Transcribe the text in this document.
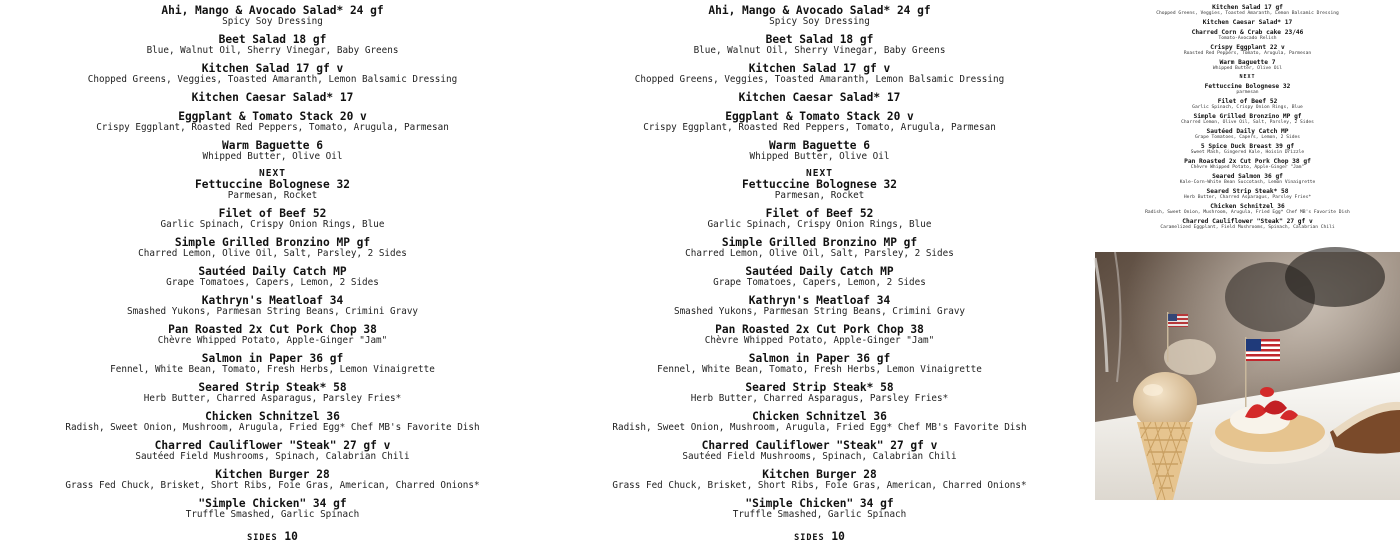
Ahi, Mango & Avocado Salad* 24 gf
Spicy Soy Dressing
Beet Salad 18 gf
Blue, Walnut Oil, Sherry Vinegar, Baby Greens
Kitchen Salad 17 gf v
Chopped Greens, Veggies, Toasted Amaranth, Lemon Balsamic Dressing
Kitchen Caesar Salad* 17
Eggplant & Tomato Stack 20 v
Crispy Eggplant, Roasted Red Peppers, Tomato, Arugula, Parmesan
Warm Baguette 6
Whipped Butter, Olive Oil
NEXT
Fettuccine Bolognese 32
Parmesan, Rocket
Filet of Beef 52
Garlic Spinach, Crispy Onion Rings, Blue
Simple Grilled Bronzino MP gf
Charred Lemon, Olive Oil, Salt, Parsley, 2 Sides
Sautéed Daily Catch MP
Grape Tomatoes, Capers, Lemon, 2 Sides
Kathryn's Meatloaf 34
Smashed Yukons, Parmesan String Beans, Crimini Gravy
Pan Roasted 2x Cut Pork Chop 38
Chèvre Whipped Potato, Apple-Ginger "Jam"
Salmon in Paper 36 gf
Fennel, White Bean, Tomato, Fresh Herbs, Lemon Vinaigrette
Seared Strip Steak* 58
Herb Butter, Charred Asparagus, Parsley Fries*
Chicken Schnitzel 36
Radish, Sweet Onion, Mushroom, Arugula, Fried Egg* Chef MB's Favorite Dish
Charred Cauliflower "Steak" 27 gf v
Sautéed Field Mushrooms, Spinach, Calabrian Chili
Kitchen Burger 28
Grass Fed Chuck, Brisket, Short Ribs, Foie Gras, American, Charred Onions*
"Simple Chicken" 34 gf
Truffle Smashed, Garlic Spinach
SIDES 10
Ahi, Mango & Avocado Salad* 24 gf
Spicy Soy Dressing
Beet Salad 18 gf
Blue, Walnut Oil, Sherry Vinegar, Baby Greens
Kitchen Salad 17 gf v
Chopped Greens, Veggies, Toasted Amaranth, Lemon Balsamic Dressing
Kitchen Caesar Salad* 17
Eggplant & Tomato Stack 20 v
Crispy Eggplant, Roasted Red Peppers, Tomato, Arugula, Parmesan
Warm Baguette 6
Whipped Butter, Olive Oil
NEXT
Fettuccine Bolognese 32
Parmesan, Rocket
Filet of Beef 52
Garlic Spinach, Crispy Onion Rings, Blue
Simple Grilled Bronzino MP gf
Charred Lemon, Olive Oil, Salt, Parsley, 2 Sides
Sautéed Daily Catch MP
Grape Tomatoes, Capers, Lemon, 2 Sides
Kathryn's Meatloaf 34
Smashed Yukons, Parmesan String Beans, Crimini Gravy
Pan Roasted 2x Cut Pork Chop 38
Chèvre Whipped Potato, Apple-Ginger "Jam"
Salmon in Paper 36 gf
Fennel, White Bean, Tomato, Fresh Herbs, Lemon Vinaigrette
Seared Strip Steak* 58
Herb Butter, Charred Asparagus, Parsley Fries*
Chicken Schnitzel 36
Radish, Sweet Onion, Mushroom, Arugula, Fried Egg* Chef MB's Favorite Dish
Charred Cauliflower "Steak" 27 gf v
Sautéed Field Mushrooms, Spinach, Calabrian Chili
Kitchen Burger 28
Grass Fed Chuck, Brisket, Short Ribs, Foie Gras, American, Charred Onions*
"Simple Chicken" 34 gf
Truffle Smashed, Garlic Spinach
SIDES 10
Kitchen Salad 17 gf
Chopped Greens, Veggies, Toasted Amaranth, Lemon Balsamic Dressing
Kitchen Caesar Salad* 17
Charred Corn & Crab cake 23/46
Tomato-Avocado Relish
Crispy Eggplant 22 v
Roasted Red Peppers, Tomato, Arugula, Parmesan
Warm Baguette 7
Whipped Butter, Olive Oil
NEXT
Fettuccine Bolognese 32
parmesan
Filet of Beef 52
Garlic Spinach, Crispy Onion Rings, Blue
Simple Grilled Bronzino MP gf
Charred Lemon, Olive Oil, Salt, Parsley, 2 Sides
Sautéed Daily Catch MP
Grape Tomatoes, Capers, Lemon, 2 Sides
5 Spice Duck Breast 39 gf
Sweet Mash, Gingered Kale, Hoisin Drizzle
Pan Roasted 2x Cut Pork Chop 38 gf
Chèvre Whipped Potato, Apple-Ginger "Jam"
Seared Salmon 36 gf
Kale-Corn-White Bean Succotash, Lemon Vinaigrette
Seared Strip Steak* 58
Herb Butter, Charred Asparagus, Parsley Fries*
Chicken Schnitzel 36
Radish, Sweet Onion, Mushroom, Arugula, Fried Egg* Chef MB's Favorite Dish
Charred Cauliflower "Steak" 27 gf v
Caramelized Eggplant, Field Mushrooms, Spinach, Calabrian Chili
